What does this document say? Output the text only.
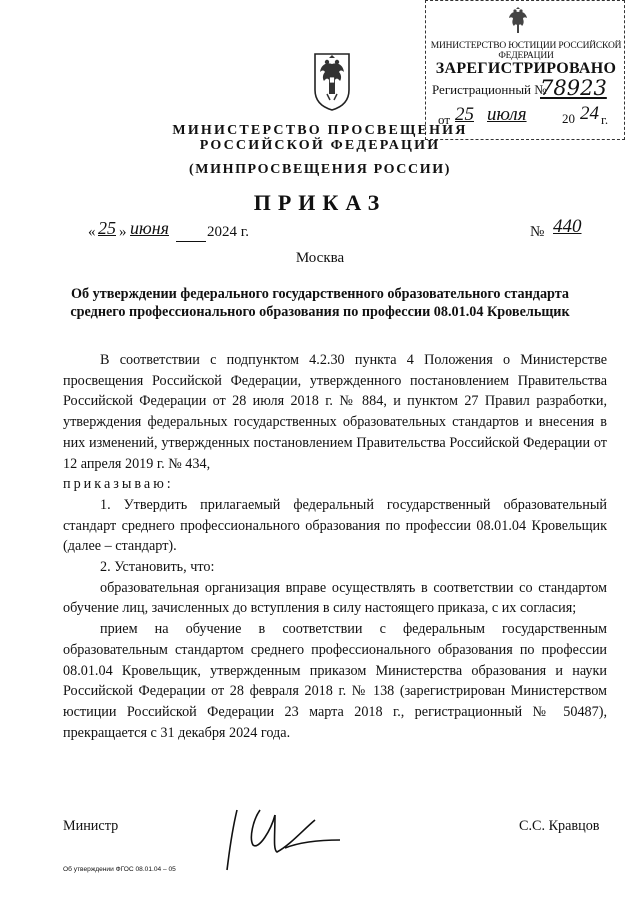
МИНИСТЕРСТВО ЮСТИЦИИ РОССИЙСКОЙ ФЕДЕРАЦИИ
ЗАРЕГИСТРИРОВАНО
Регистрационный №
78923
от 25 июля	20 24 г.
МИНИСТЕРСТВО ПРОСВЕЩЕНИЯ
РОССИЙСКОЙ ФЕДЕРАЦИИ
(МИНПРОСВЕЩЕНИЯ РОССИИ)
ПРИКАЗ
« 25 » июня	2024 г.	№ 440
Москва
Об утверждении федерального государственного образовательного стандарта среднего профессионального образования по профессии 08.01.04 Кровельщик

В соответствии с подпунктом 4.2.30 пункта 4 Положения о Министерстве просвещения Российской Федерации, утвержденного постановлением Правительства Российской Федерации от 28 июля 2018 г. № 884, и пунктом 27 Правил разработки, утверждения федеральных государственных образовательных стандартов и внесения в них изменений, утвержденных постановлением Правительства Российской Федерации от 12 апреля 2019 г. № 434,

приказываю:

1. Утвердить прилагаемый федеральный государственный образовательный стандарт среднего профессионального образования по профессии 08.01.04 Кровельщик (далее – стандарт).

2. Установить, что:

образовательная организация вправе осуществлять в соответствии со стандартом обучение лиц, зачисленных до вступления в силу настоящего приказа, с их согласия;

прием на обучение в соответствии с федеральным государственным образовательным стандартом среднего профессионального образования по профессии 08.01.04 Кровельщик, утвержденным приказом Министерства образования и науки Российской Федерации от 28 февраля 2018 г. № 138 (зарегистрирован Министерством юстиции Российской Федерации 23 марта 2018 г., регистрационный № 50487), прекращается с 31 декабря 2024 года.

Министр	С.С. Кравцов
Об утверждении ФГОС 08.01.04 – 05
